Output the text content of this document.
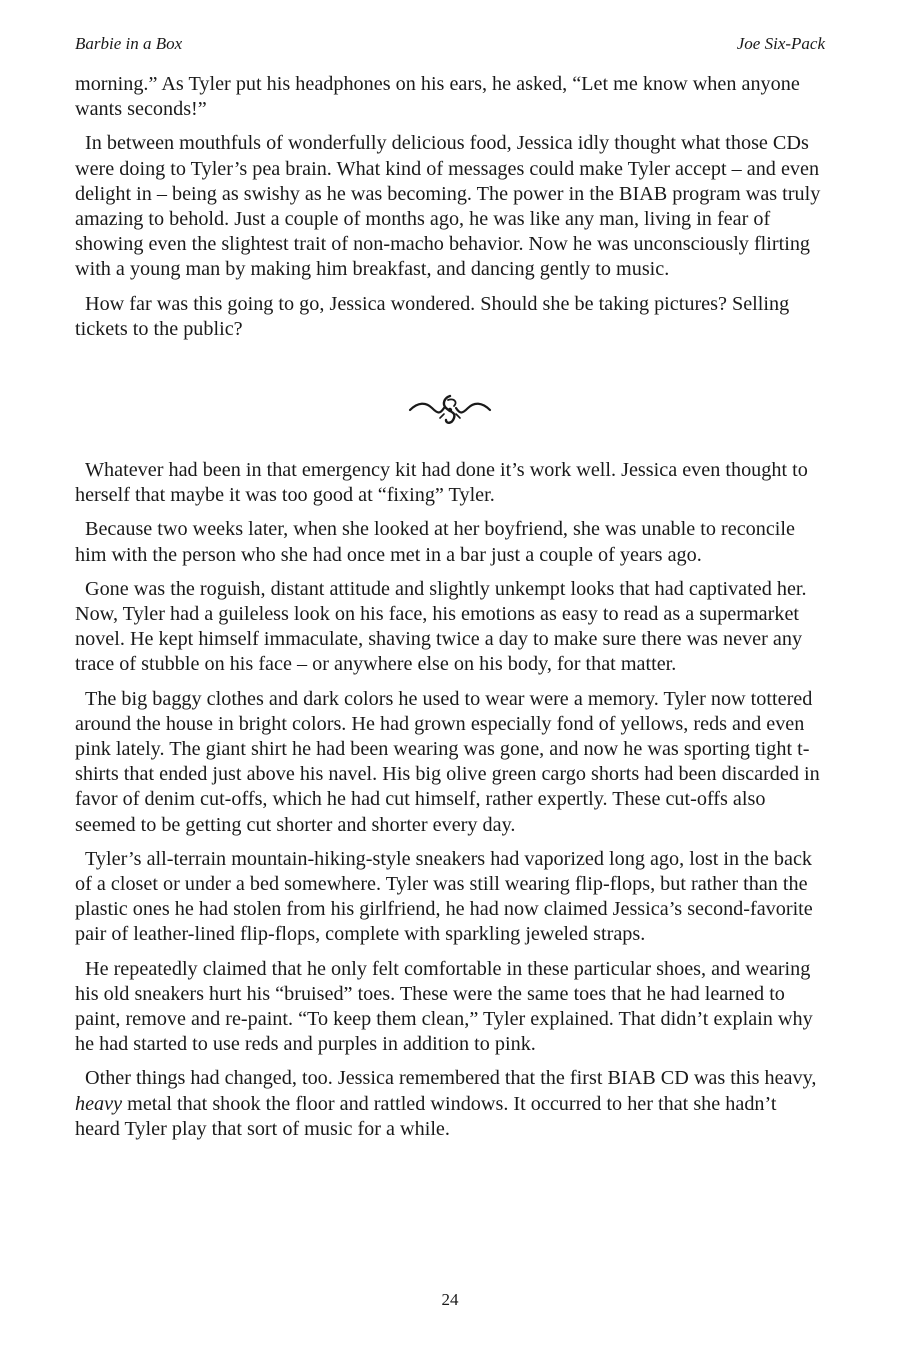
Barbie in a Box	Joe Six-Pack

morning.” As Tyler put his headphones on his ears, he asked, “Let me know when anyone wants seconds!”

In between mouthfuls of wonderfully delicious food, Jessica idly thought what those CDs were doing to Tyler’s pea brain. What kind of messages could make Tyler accept – and even delight in – being as swishy as he was becoming. The power in the BIAB program was truly amazing to behold. Just a couple of months ago, he was like any man, living in fear of showing even the slightest trait of non-macho behavior. Now he was unconsciously flirting with a young man by making him breakfast, and dancing gently to music.

How far was this going to go, Jessica wondered. Should she be taking pictures? Selling tickets to the public?

Whatever had been in that emergency kit had done it’s work well. Jessica even thought to herself that maybe it was too good at “fixing” Tyler.

Because two weeks later, when she looked at her boyfriend, she was unable to reconcile him with the person who she had once met in a bar just a couple of years ago.

Gone was the roguish, distant attitude and slightly unkempt looks that had captivated her. Now, Tyler had a guileless look on his face, his emotions as easy to read as a supermarket novel. He kept himself immaculate, shaving twice a day to make sure there was never any trace of stubble on his face – or anywhere else on his body, for that matter.

The big baggy clothes and dark colors he used to wear were a memory. Tyler now tottered around the house in bright colors. He had grown especially fond of yellows, reds and even pink lately. The giant shirt he had been wearing was gone, and now he was sporting tight t-shirts that ended just above his navel. His big olive green cargo shorts had been discarded in favor of denim cut-offs, which he had cut himself, rather expertly. These cut-offs also seemed to be getting cut shorter and shorter every day.

Tyler’s all-terrain mountain-hiking-style sneakers had vaporized long ago, lost in the back of a closet or under a bed somewhere. Tyler was still wearing flip-flops, but rather than the plastic ones he had stolen from his girlfriend, he had now claimed Jessica’s second-favorite pair of leather-lined flip-flops, complete with sparkling jeweled straps.

He repeatedly claimed that he only felt comfortable in these particular shoes, and wearing his old sneakers hurt his “bruised” toes. These were the same toes that he had learned to paint, remove and re-paint. “To keep them clean,” Tyler explained. That didn’t explain why he had started to use reds and purples in addition to pink.

Other things had changed, too. Jessica remembered that the first BIAB CD was this heavy, heavy metal that shook the floor and rattled windows. It occurred to her that she hadn’t heard Tyler play that sort of music for a while.

24
